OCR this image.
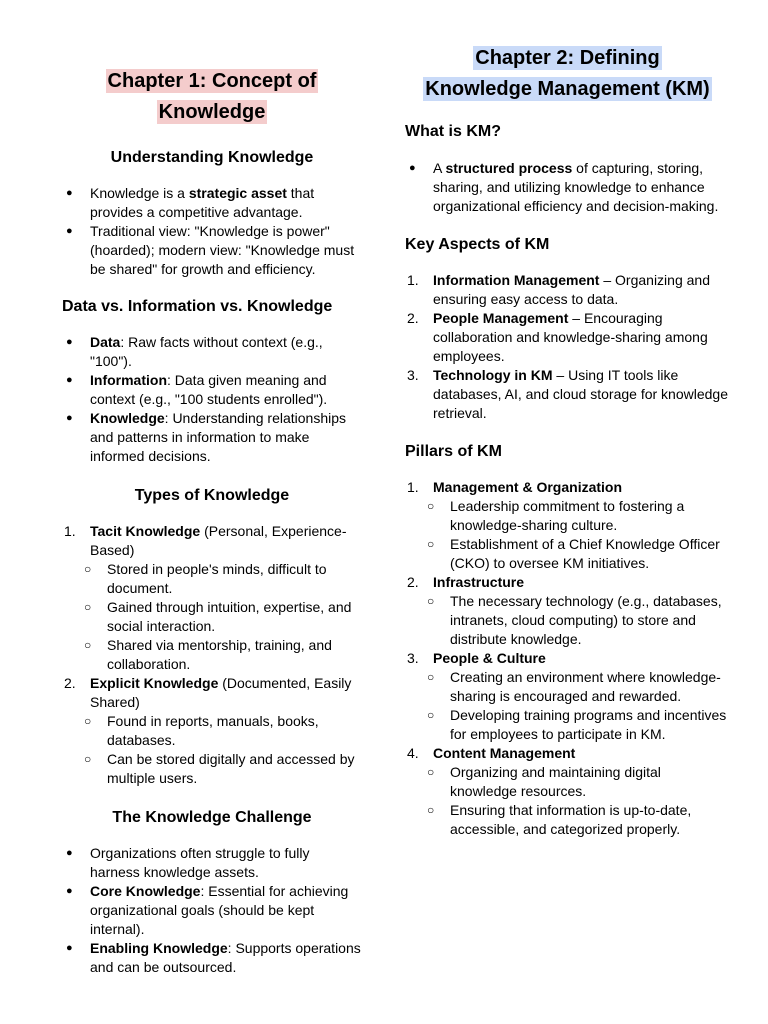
Chapter 1: Concept of
Knowledge
Understanding Knowledge
● Knowledge is a strategic asset that provides a competitive advantage.
● Traditional view: "Knowledge is power" (hoarded); modern view: "Knowledge must be shared" for growth and efficiency.
Data vs. Information vs. Knowledge
● Data: Raw facts without context (e.g., "100").
● Information: Data given meaning and context (e.g., "100 students enrolled").
● Knowledge: Understanding relationships and patterns in information to make informed decisions.
Types of Knowledge
1. Tacit Knowledge (Personal, Experience-Based)
○ Stored in people's minds, difficult to document.
○ Gained through intuition, expertise, and social interaction.
○ Shared via mentorship, training, and collaboration.
2. Explicit Knowledge (Documented, Easily Shared)
○ Found in reports, manuals, books, databases.
○ Can be stored digitally and accessed by multiple users.
The Knowledge Challenge
● Organizations often struggle to fully harness knowledge assets.
● Core Knowledge: Essential for achieving organizational goals (should be kept internal).
● Enabling Knowledge: Supports operations and can be outsourced.
Chapter 2: Defining
Knowledge Management (KM)
What is KM?
● A structured process of capturing, storing, sharing, and utilizing knowledge to enhance organizational efficiency and decision-making.
Key Aspects of KM
1. Information Management – Organizing and ensuring easy access to data.
2. People Management – Encouraging collaboration and knowledge-sharing among employees.
3. Technology in KM – Using IT tools like databases, AI, and cloud storage for knowledge retrieval.
Pillars of KM
1. Management & Organization
○ Leadership commitment to fostering a knowledge-sharing culture.
○ Establishment of a Chief Knowledge Officer (CKO) to oversee KM initiatives.
2. Infrastructure
○ The necessary technology (e.g., databases, intranets, cloud computing) to store and distribute knowledge.
3. People & Culture
○ Creating an environment where knowledge-sharing is encouraged and rewarded.
○ Developing training programs and incentives for employees to participate in KM.
4. Content Management
○ Organizing and maintaining digital knowledge resources.
○ Ensuring that information is up-to-date, accessible, and categorized properly.
